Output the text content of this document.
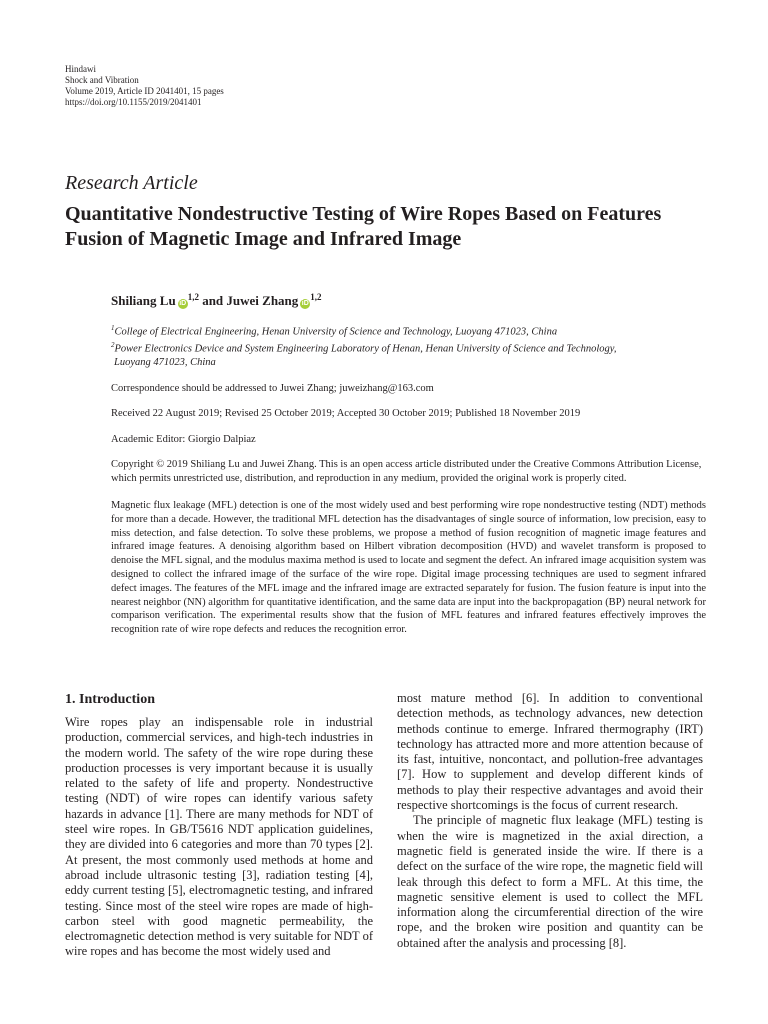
Hindawi
Shock and Vibration
Volume 2019, Article ID 2041401, 15 pages
https://doi.org/10.1155/2019/2041401
Research Article
Quantitative Nondestructive Testing of Wire Ropes Based on Features Fusion of Magnetic Image and Infrared Image
Shiliang Lu iD$^{1,2}$ and Juwei Zhang iD$^{1,2}$
$^1$College of Electrical Engineering, Henan University of Science and Technology, Luoyang 471023, China
$^2$Power Electronics Device and System Engineering Laboratory of Henan, Henan University of Science and Technology,
Luoyang 471023, China
Correspondence should be addressed to Juwei Zhang; juweizhang@163.com
Received 22 August 2019; Revised 25 October 2019; Accepted 30 October 2019; Published 18 November 2019
Academic Editor: Giorgio Dalpiaz
Copyright © 2019 Shiliang Lu and Juwei Zhang. This is an open access article distributed under the Creative Commons Attribution License, which permits unrestricted use, distribution, and reproduction in any medium, provided the original work is properly cited.
Magnetic flux leakage (MFL) detection is one of the most widely used and best performing wire rope nondestructive testing (NDT) methods for more than a decade. However, the traditional MFL detection has the disadvantages of single source of information, low precision, easy to miss detection, and false detection. To solve these problems, we propose a method of fusion recognition of magnetic image features and infrared image features. A denoising algorithm based on Hilbert vibration decomposition (HVD) and wavelet transform is proposed to denoise the MFL signal, and the modulus maxima method is used to locate and segment the defect. An infrared image acquisition system was designed to collect the infrared image of the surface of the wire rope. Digital image processing techniques are used to segment infrared defect images. The features of the MFL image and the infrared image are extracted separately for fusion. The fusion feature is input into the nearest neighbor (NN) algorithm for quantitative identification, and the same data are input into the backpropagation (BP) neural network for comparison verification. The experimental results show that the fusion of MFL features and infrared features effectively improves the recognition rate of wire rope defects and reduces the recognition error.
1. Introduction

Wire ropes play an indispensable role in industrial production, commercial services, and high-tech industries in the modern world. The safety of the wire rope during these production processes is very important because it is usually related to the safety of life and property. Nondestructive testing (NDT) of wire ropes can identify various safety hazards in advance [1]. There are many methods for NDT of steel wire ropes. In GB/T5616 NDT application guidelines, they are divided into 6 categories and more than 70 types [2]. At present, the most commonly used methods at home and abroad include ultrasonic testing [3], radiation testing [4], eddy current testing [5], electromagnetic testing, and infrared testing. Since most of the steel wire ropes are made of high-carbon steel with good magnetic permeability, the electromagnetic detection method is very suitable for NDT of wire ropes and has become the most widely used and

most mature method [6]. In addition to conventional detection methods, as technology advances, new detection methods continue to emerge. Infrared thermography (IRT) technology has attracted more and more attention because of its fast, intuitive, noncontact, and pollution-free advantages [7]. How to supplement and develop different kinds of methods to play their respective advantages and avoid their respective shortcomings is the focus of current research.

The principle of magnetic flux leakage (MFL) testing is when the wire is magnetized in the axial direction, a magnetic field is generated inside the wire. If there is a defect on the surface of the wire rope, the magnetic field will leak through this defect to form a MFL. At this time, the magnetic sensitive element is used to collect the MFL information along the circumferential direction of the wire rope, and the broken wire position and quantity can be obtained after the analysis and processing [8].
